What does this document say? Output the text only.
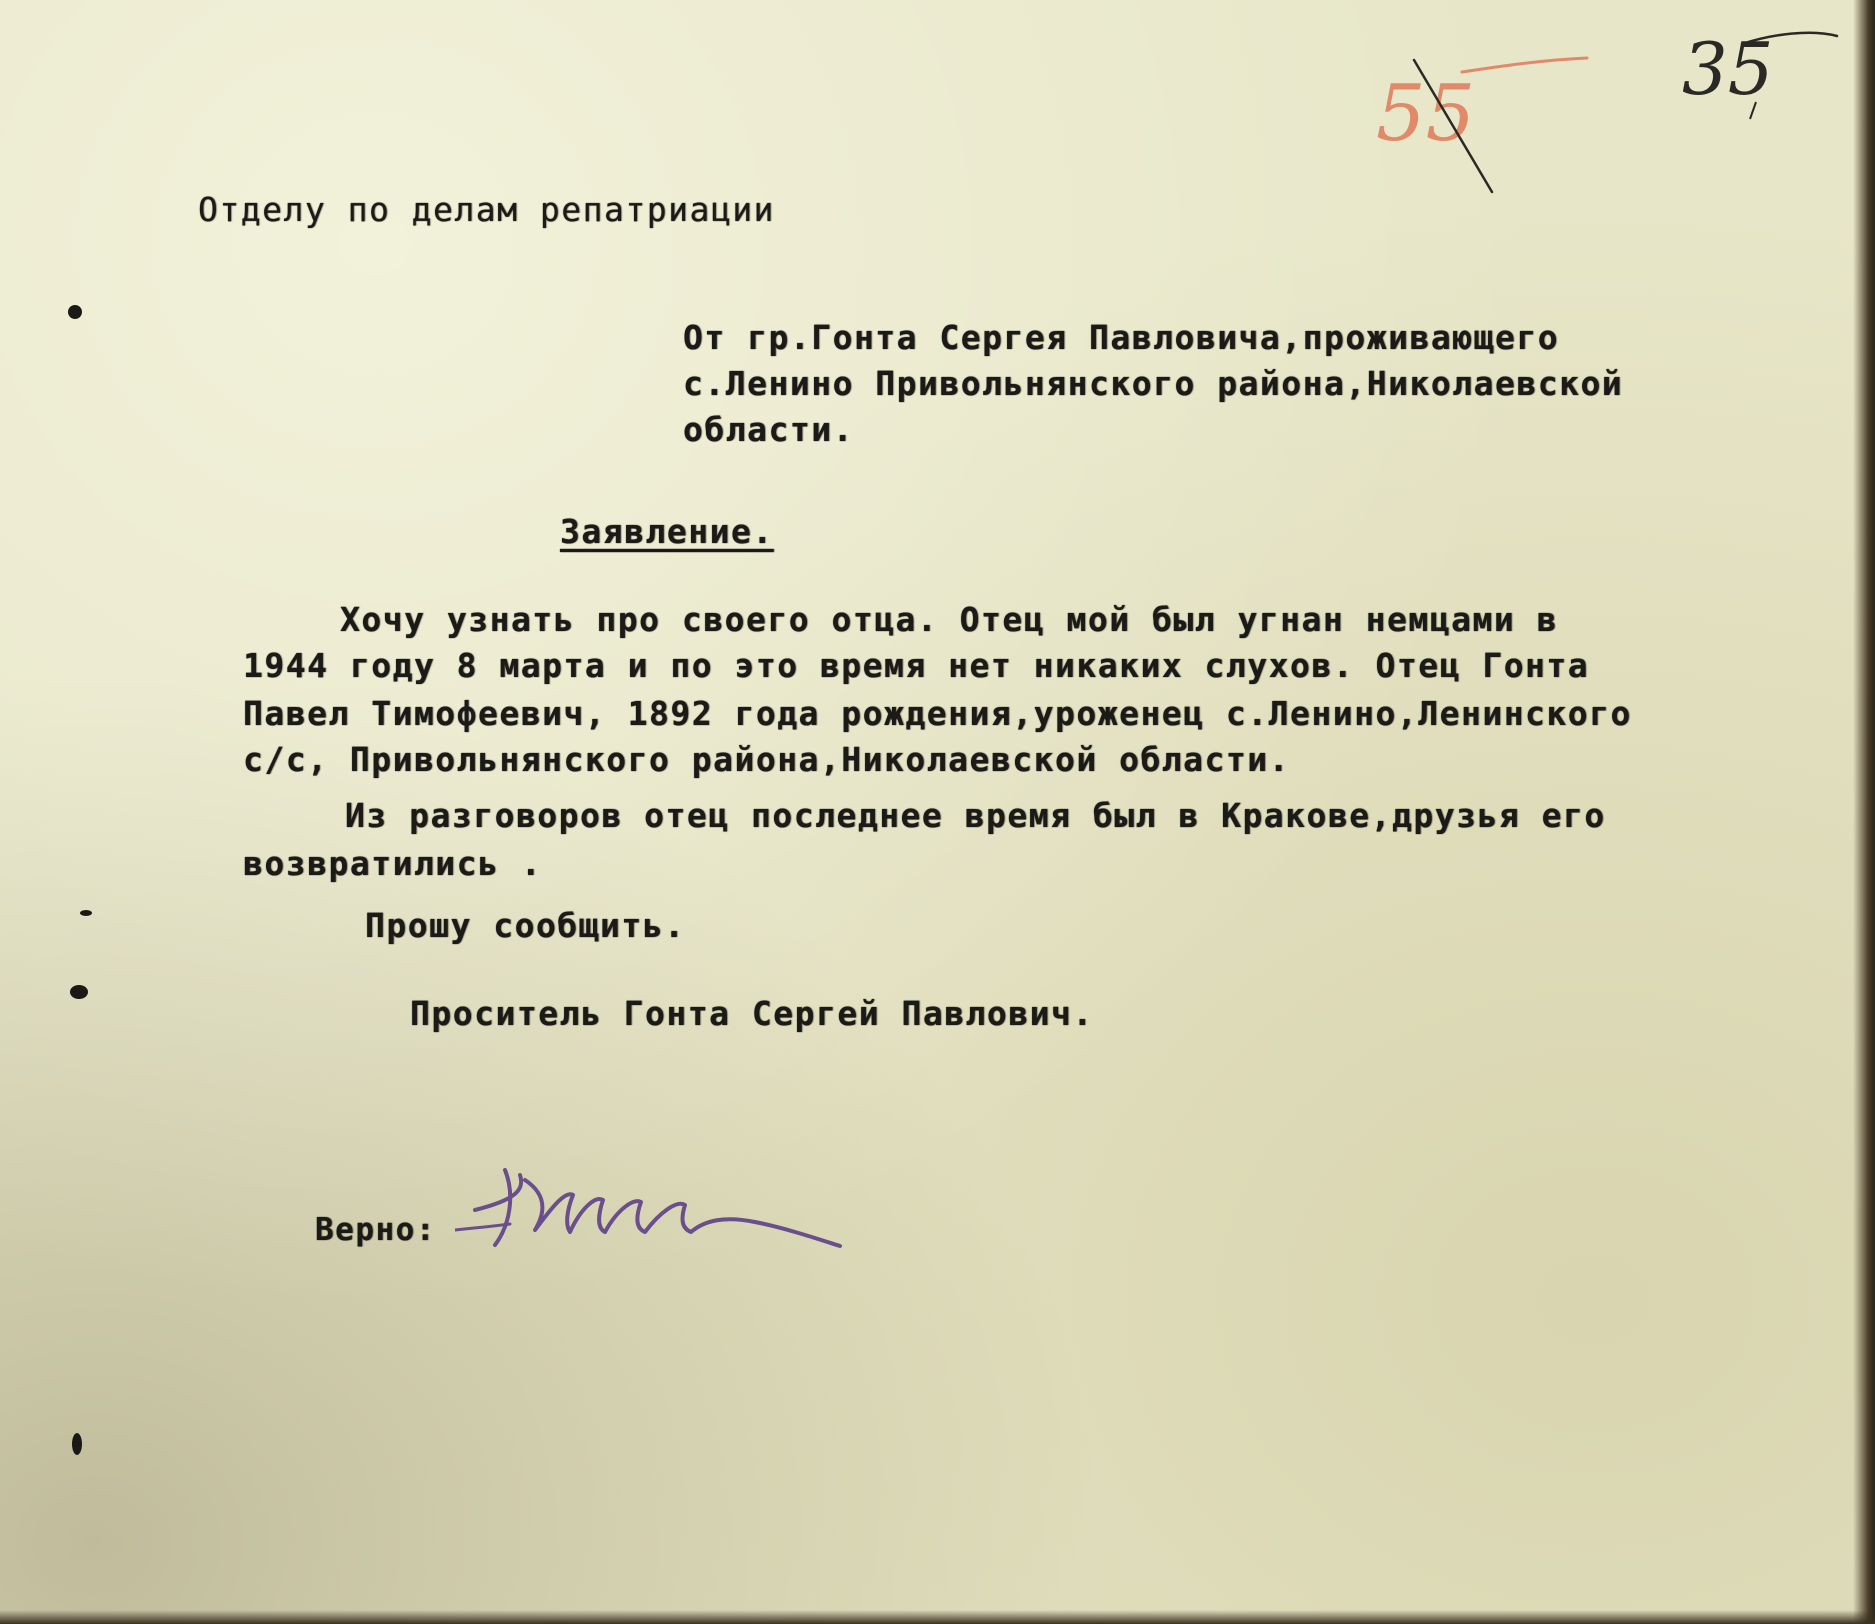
Отделу по делам репатриации
От гр.Гонта Сергея Павловича,проживающего
с.Ленино Привольнянского района,Николаевской
области.
Заявление.
Хочу узнать про своего отца. Отец мой был угнан немцами в
1944 году 8 марта и по это время нет никаких слухов. Отец Гонта
Павел Тимофеевич, 1892 года рождения,уроженец с.Ленино,Ленинского
с/с, Привольнянского района,Николаевской области.
Из разговоров отец последнее время был в Кракове,друзья его
возвратились .
Прошу сообщить.
Проситель Гонта Сергей Павлович.
Верно:
35
55
